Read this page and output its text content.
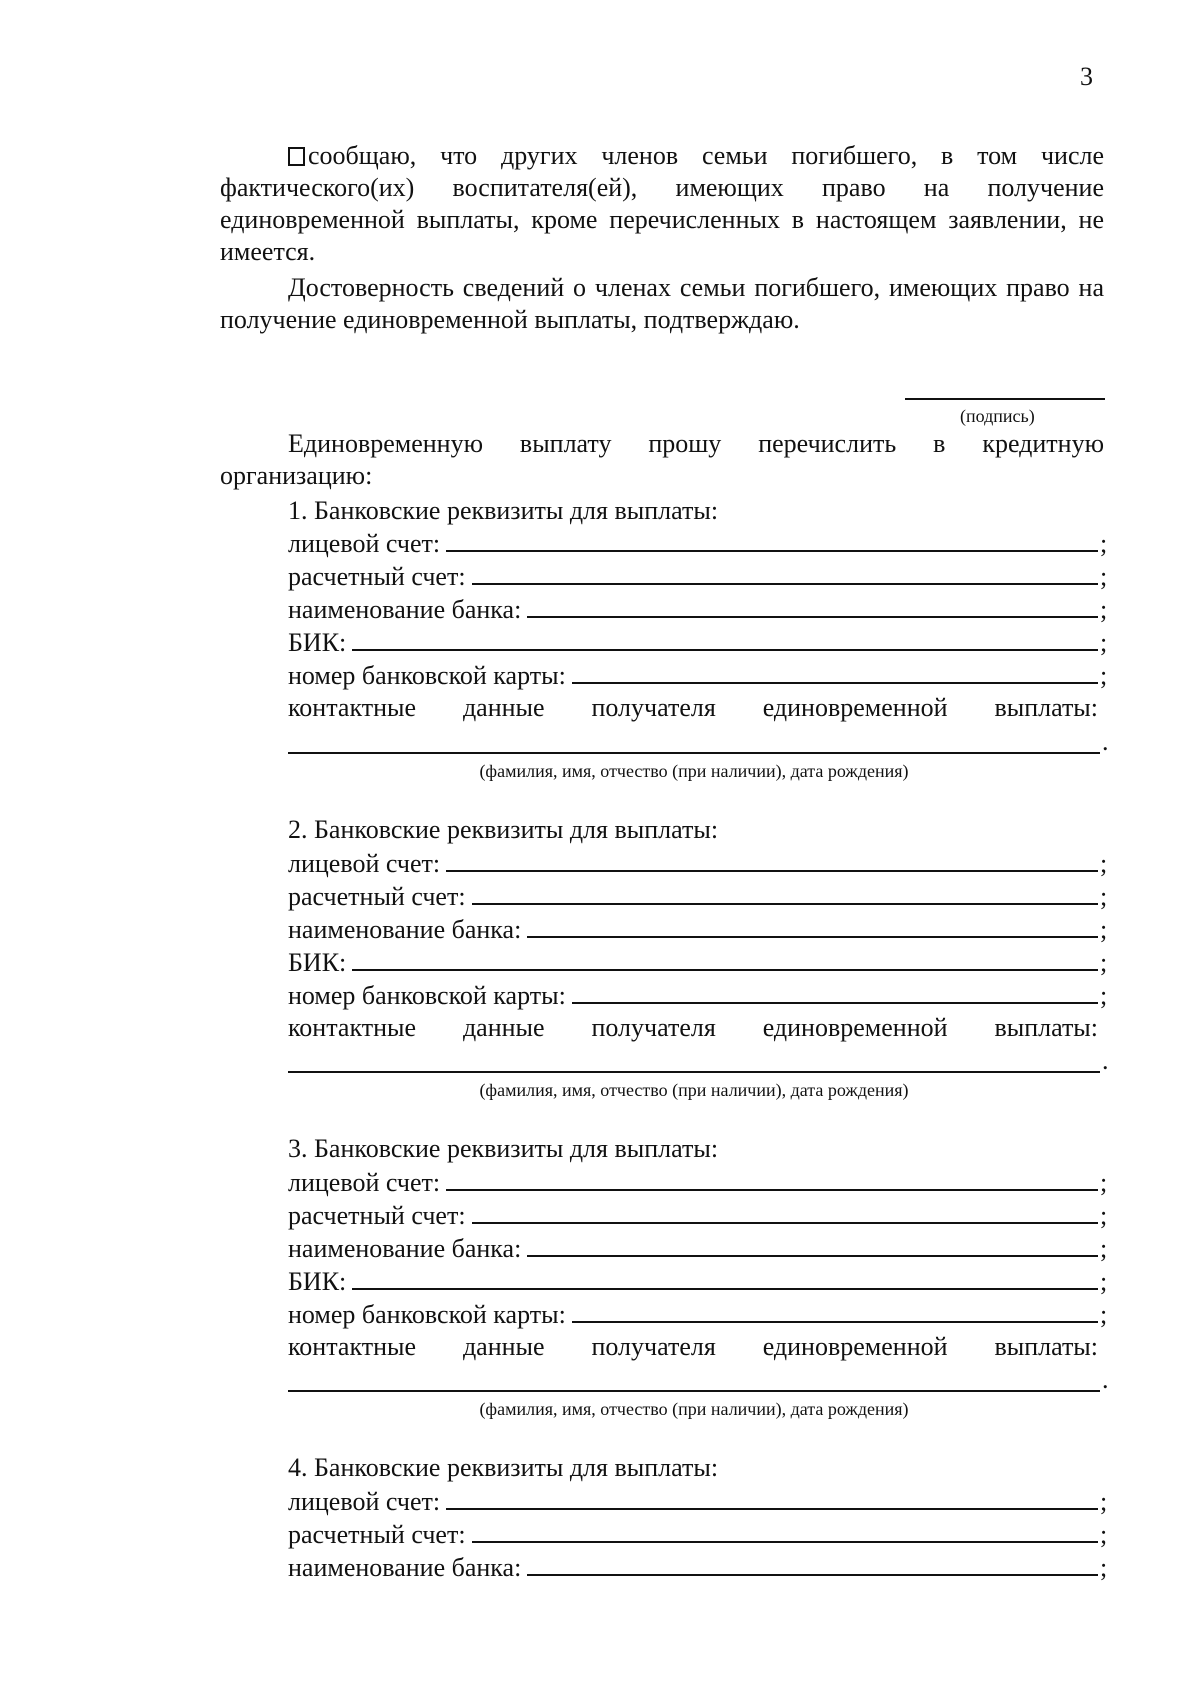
3

сообщаю, что других членов семьи погибшего, в том числе фактического(их) воспитателя(ей), имеющих право на получение единовременной выплаты, кроме перечисленных в настоящем заявлении, не имеется.

Достоверность сведений о членах семьи погибшего, имеющих право на получение единовременной выплаты, подтверждаю.

(подпись)

Единовременную выплату прошу перечислить в кредитную организацию:

1. Банковские реквизиты для выплаты:
лицевой счет:	;
расчетный счет:	;
наименование банка:	;
БИК:	;
номер банковской карты:	;
контактные данные получателя единовременной выплаты:
.
(фамилия, имя, отчество (при наличии), дата рождения)
2. Банковские реквизиты для выплаты:
лицевой счет:	;
расчетный счет:	;
наименование банка:	;
БИК:	;
номер банковской карты:	;
контактные данные получателя единовременной выплаты:
.
(фамилия, имя, отчество (при наличии), дата рождения)
3. Банковские реквизиты для выплаты:
лицевой счет:	;
расчетный счет:	;
наименование банка:	;
БИК:	;
номер банковской карты:	;
контактные данные получателя единовременной выплаты:
.
(фамилия, имя, отчество (при наличии), дата рождения)
4. Банковские реквизиты для выплаты:
лицевой счет:	;
расчетный счет:	;
наименование банка:	;
